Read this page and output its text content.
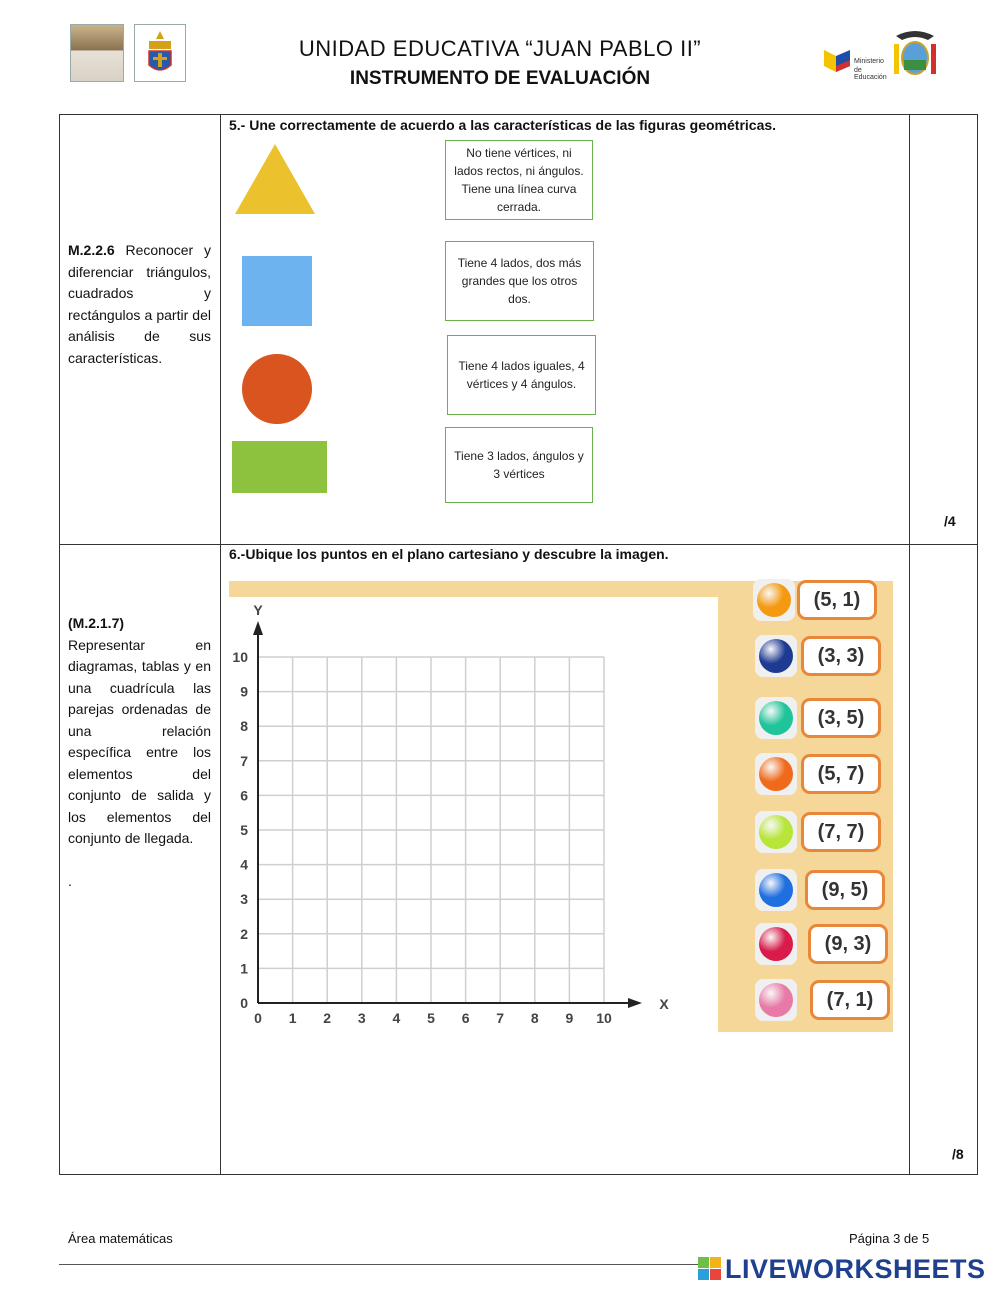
UNIDAD EDUCATIVA “JUAN PABLO II”
INSTRUMENTO DE EVALUACIÓN
Ministerio
de Educación
M.2.2.6 Reconocer y diferenciar triángulos, cuadrados y rectángulos a partir del análisis de sus características.
5.- Une correctamente de acuerdo a las características de las figuras geométricas.
No tiene vértices, ni lados rectos, ni ángulos. Tiene una línea curva cerrada.
Tiene 4 lados, dos más grandes que los otros dos.
Tiene 4 lados iguales, 4 vértices y 4 ángulos.
Tiene 3 lados, ángulos y 3 vértices
/4
(M.2.1.7)
Representar en diagramas, tablas y en una cuadrícula las parejas ordenadas de una relación específica entre los elementos del conjunto de salida y los elementos del conjunto de llegada.

.
6.-Ubique los puntos en el plano cartesiano y descubre la imagen.
0 1 2 3 4 5 6 7 8 9 10
0
1
2
3
4
5
6
7
8
9
10
X
Y	(5, 1)
(3, 3)
(3, 5)
(5, 7)
(7, 7)
(9, 5)
(9, 3)
(7, 1)
/8
Área matemáticas	Página 3 de 5
LIVEWORKSHEETS
